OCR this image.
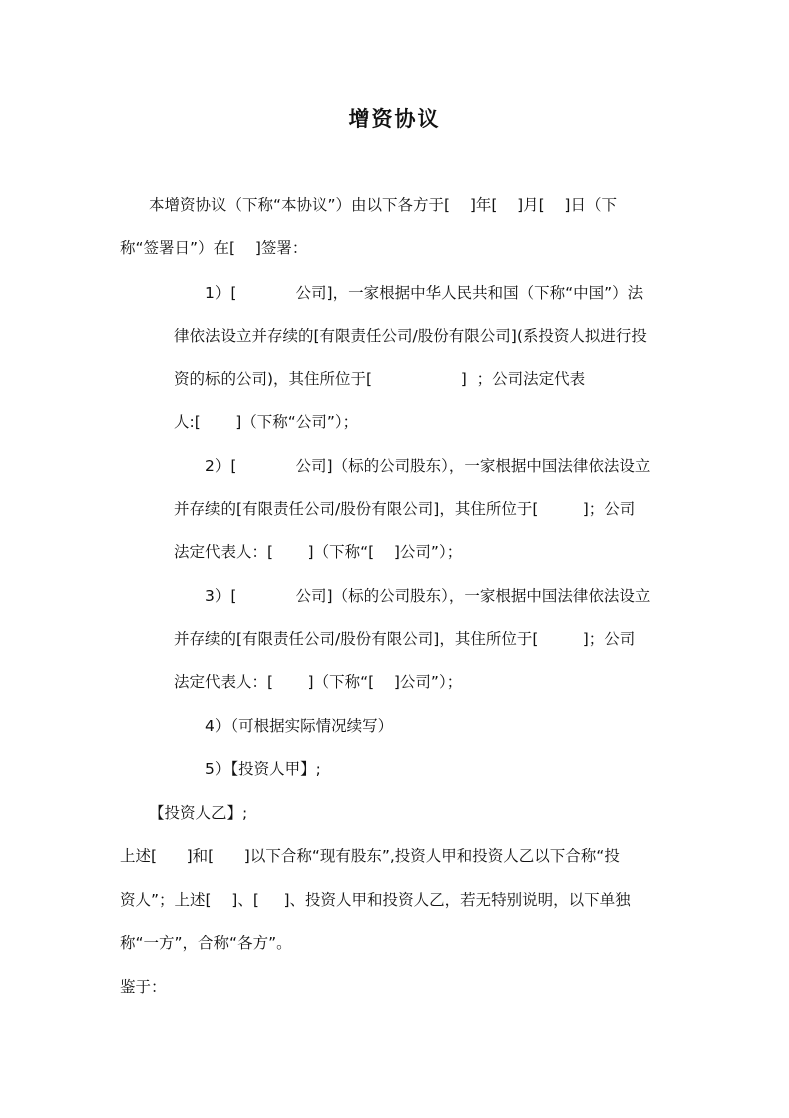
增资协议
本增资协议（下称“本协议”）由以下各方于[    ]年[    ]月[    ]日（下
称“签署日”）在[    ]签署：
1）[            公司]，一家根据中华人民共和国（下称“中国”）法
律依法设立并存续的[有限责任公司/股份有限公司](系投资人拟进行投
资的标的公司)，其住所位于[                  ]  ；公司法定代表
人:[       ]（下称“公司”）；
2）[            公司]（标的公司股东），一家根据中国法律依法设立
并存续的[有限责任公司/股份有限公司]，其住所位于[         ]；公司
法定代表人：[       ]（下称“[    ]公司”）；
3）[            公司]（标的公司股东），一家根据中国法律依法设立
并存续的[有限责任公司/股份有限公司]，其住所位于[         ]；公司
法定代表人：[       ]（下称“[    ]公司”）；
4）（可根据实际情况续写）
5）【投资人甲】;
【投资人乙】;
上述[      ]和[      ]以下合称“现有股东”,投资人甲和投资人乙以下合称“投
资人”；上述[    ]、[     ]、投资人甲和投资人乙，若无特别说明，以下单独
称“一方”，合称“各方”。
鉴于：
